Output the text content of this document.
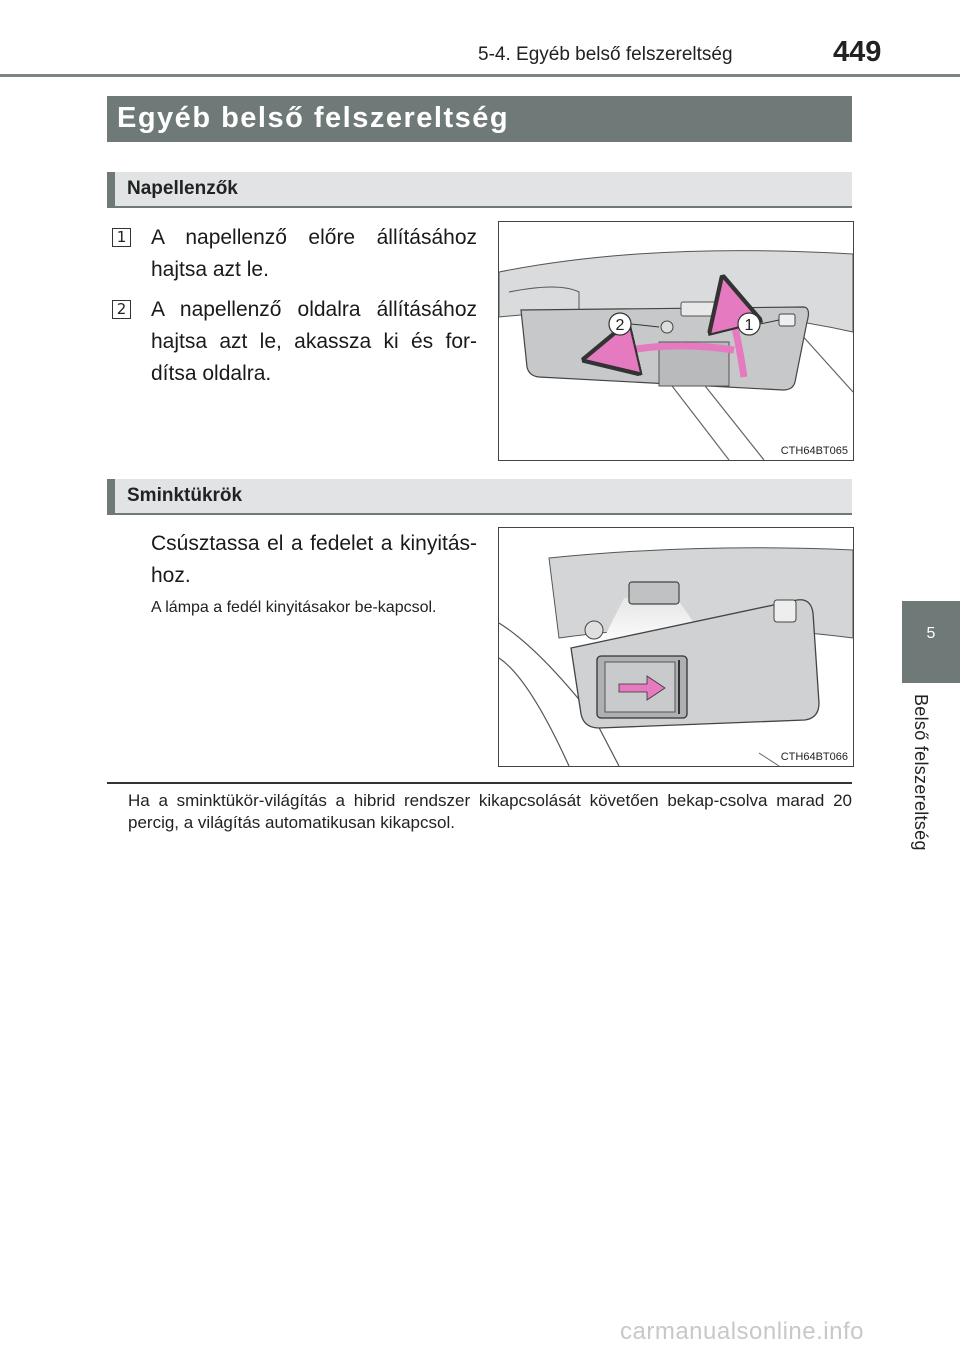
5-4. Egyéb belső felszereltség	449
Egyéb belső felszereltség
Napellenzők
1 A napellenző előre állításához hajtsa azt le.
2 A napellenző oldalra állításához hajtsa azt le, akassza ki és for-dítsa oldalra.
2	1
CTH64BT065
Sminktükrök
Csúsztassa el a fedelet a kinyitás-hoz.
A lámpa a fedél kinyitásakor be-kapcsol.
CTH64BT066
Ha a sminktükör-világítás a hibrid rendszer kikapcsolását követően bekap-csolva marad 20 percig, a világítás automatikusan kikapcsol.
5
Belső felszereltség
carmanualsonline.info
